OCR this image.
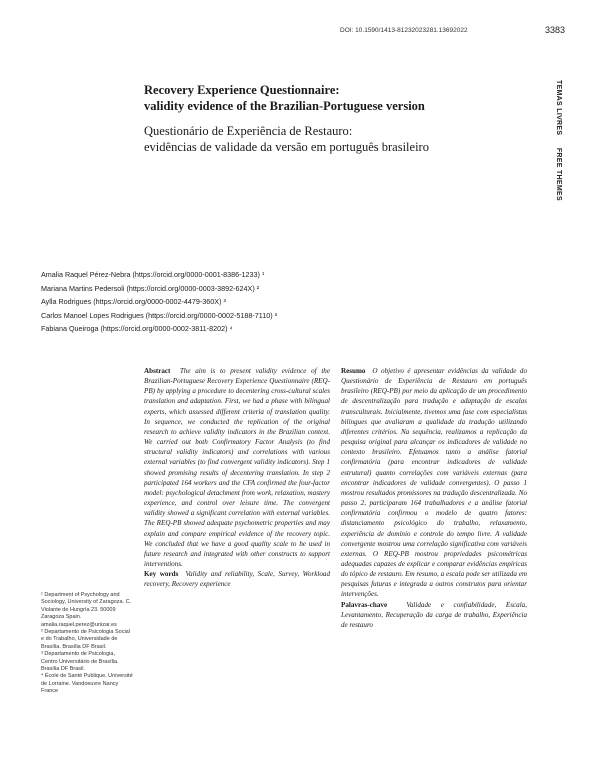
DOI: 10.1590/1413-81232023281.13692022	3383
TEMAS LIVRES  FREE THEMES
Recovery Experience Questionnaire:
validity evidence of the Brazilian-Portuguese version
Questionário de Experiência de Restauro:
evidências de validade da versão em português brasileiro
Amalia Raquel Pérez-Nebra (https://orcid.org/0000-0001-8386-1233) ¹
Mariana Martins Pedersoli (https://orcid.org/0000-0003-3892-624X) ²
Aylla Rodrigues (https://orcid.org/0000-0002-4479-360X) ³
Carlos Manoel Lopes Rodrigues (https://orcid.org/0000-0002-5188-7110) ³
Fabiana Queiroga (https://orcid.org/0000-0002-3811-8202) ⁴
¹ Department of Psychology and Sociology, University of Zaragoza. C. Violante de Hungría 23. 50009 Zaragoza Spain. amalia.raquel.perez@unizar.es
² Departamento de Psicologia Social e do Trabalho, Universidade de Brasília. Brasília DF Brasil.
³ Departamento de Psicologia, Centro Universitário de Brasília. Brasília DF Brasil.
⁴ École de Santé Publique, Université de Lorraine. Vandoeuvre Nancy France

Abstract The aim is to present validity evidence of the Brazilian-Portuguese Recovery Experience Questionnaire (REQ-PB) by applying a procedure to decentering cross-cultural scales translation and adaptation. First, we had a phase with bilingual experts, which assessed different criteria of translation quality. In sequence, we conducted the replication of the original research to achieve validity indicators in the Brazilian context. We carried out both Confirmatory Factor Analysis (to find structural validity indicators) and correlations with various external variables (to find convergent validity indicators). Step 1 showed promising results of decentering translation. In step 2 participated 164 workers and the CFA confirmed the four-factor model: psychological detachment from work, relaxation, mastery experience, and control over leisure time. The convergent validity showed a significant correlation with external variables. The REQ-PB showed adequate psychometric properties and may explain and compare empirical evidence of the recovery topic. We concluded that we have a good quality scale to be used in future research and integrated with other constructs to support interventions.

Key words Validity and reliability, Scale, Survey, Workload recovery, Recovery experience

Resumo O objetivo é apresentar evidências da validade do Questionário de Experiência de Restauro em português brasileiro (REQ-PB) por meio da aplicação de um procedimento de descentralização para tradução e adaptação de escalas transculturais. Inicialmente, tivemos uma fase com especialistas bilíngues que avaliaram a qualidade da tradução utilizando diferentes critérios. Na sequência, realizamos a replicação da pesquisa original para alcançar os indicadores de validade no contexto brasileiro. Efetuamos tanto a análise fatorial confirmatória (para encontrar indicadores de validade estrutural) quanto correlações com variáveis externas (para encontrar indicadores de validade convergentes). O passo 1 mostrou resultados promissores na tradução descentralizada. No passo 2, participaram 164 trabalhadores e a análise fatorial confirmatória confirmou o modelo de quatro fatores: distanciamento psicológico do trabalho, relaxamento, experiência de domínio e controle do tempo livre. A validade convergente mostrou uma correlação significativa com variáveis externas. O REQ-PB mostrou propriedades psicométricas adequadas capazes de explicar e comparar evidências empíricas do tópico de restauro. Em resumo, a escala pode ser utilizada em pesquisas futuras e integrada a outros construtos para orientar intervenções.

Palavras-chave	Validade e confiabilidade, Escala, Levantamento, Recuperação da carga de trabalho, Experiência de restauro
